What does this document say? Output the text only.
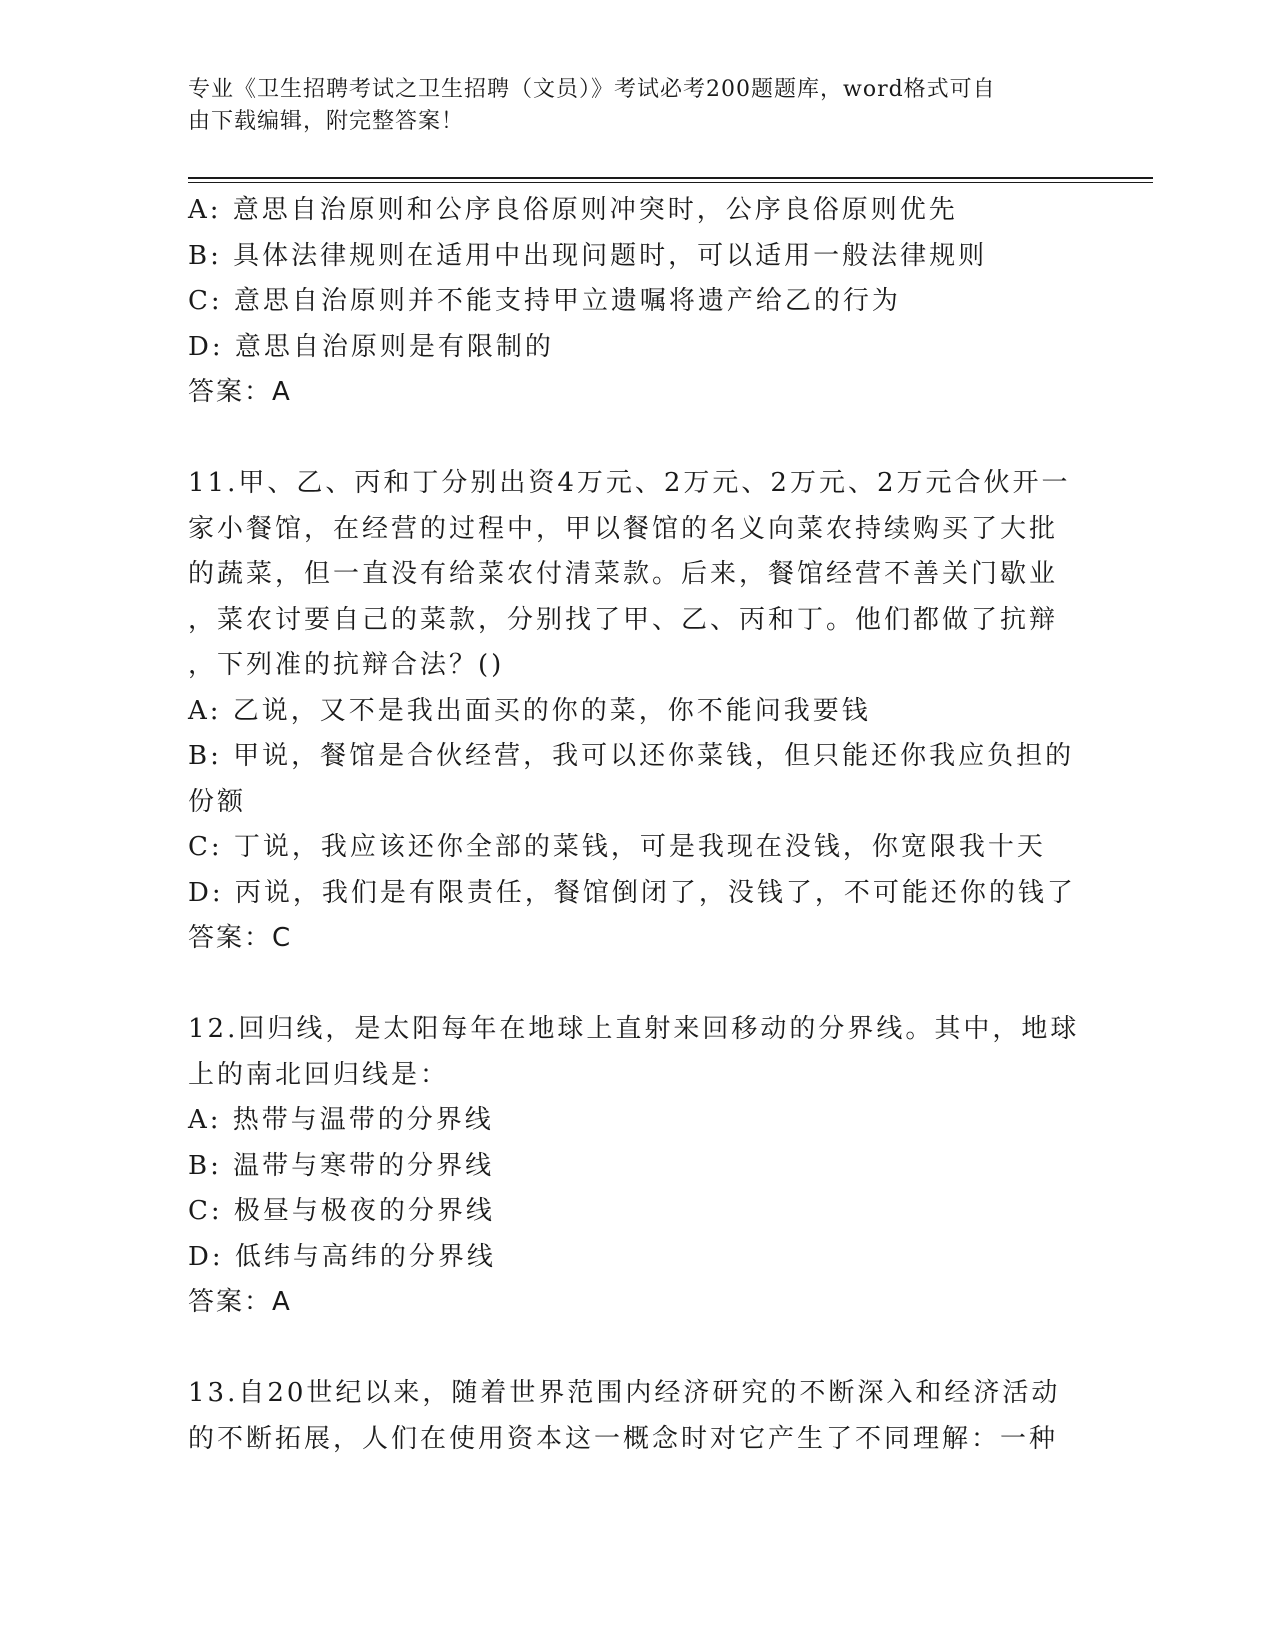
专业《卫生招聘考试之卫生招聘（文员）》考试必考200题题库，word格式可自
由下载编辑，附完整答案！
A: 意思自治原则和公序良俗原则冲突时，公序良俗原则优先
B: 具体法律规则在适用中出现问题时，可以适用一般法律规则
C: 意思自治原则并不能支持甲立遗嘱将遗产给乙的行为
D: 意思自治原则是有限制的
答案：A
11.甲、乙、丙和丁分别出资4万元、2万元、2万元、2万元合伙开一
家小餐馆，在经营的过程中，甲以餐馆的名义向菜农持续购买了大批
的蔬菜，但一直没有给菜农付清菜款。后来，餐馆经营不善关门歇业
，菜农讨要自己的菜款，分别找了甲、乙、丙和丁。他们都做了抗辩
，下列准的抗辩合法？()
A: 乙说，又不是我出面买的你的菜，你不能问我要钱
B: 甲说，餐馆是合伙经营，我可以还你菜钱，但只能还你我应负担的
份额
C: 丁说，我应该还你全部的菜钱，可是我现在没钱，你宽限我十天
D: 丙说，我们是有限责任，餐馆倒闭了，没钱了，不可能还你的钱了
答案：C
12.回归线，是太阳每年在地球上直射来回移动的分界线。其中，地球
上的南北回归线是：
A: 热带与温带的分界线
B: 温带与寒带的分界线
C: 极昼与极夜的分界线
D: 低纬与高纬的分界线
答案：A
13.自20世纪以来，随着世界范围内经济研究的不断深入和经济活动
的不断拓展，人们在使用资本这一概念时对它产生了不同理解：一种
